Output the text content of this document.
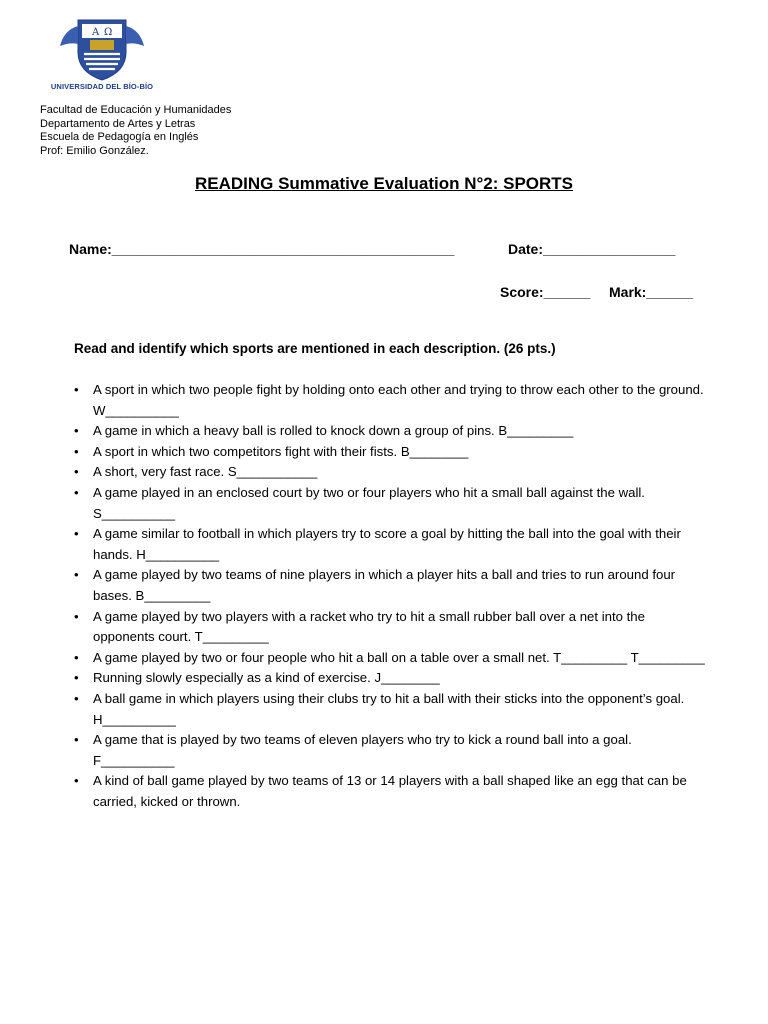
A Ω
UNIVERSIDAD DEL BÍO-BÍO
Facultad de Educación y Humanidades
Departamento de Artes y Letras
Escuela de Pedagogía en Inglés
Prof: Emilio González.
READING Summative Evaluation N°2: SPORTS
Name:____________________________________________	Date:_________________
Score:______ Mark:______
Read and identify which sports are mentioned in each description. (26 pts.)
• A sport in which two people fight by holding onto each other and trying to throw each other to the ground. W__________
• A game in which a heavy ball is rolled to knock down a group of pins. B_________
• A sport in which two competitors fight with their fists. B________
• A short, very fast race. S___________
• A game played in an enclosed court by two or four players who hit a small ball against the wall. S__________
• A game similar to football in which players try to score a goal by hitting the ball into the goal with their hands. H__________
• A game played by two teams of nine players in which a player hits a ball and tries to run around four bases. B_________
• A game played by two players with a racket who try to hit a small rubber ball over a net into the opponents court. T_________
• A game played by two or four people who hit a ball on a table over a small net. T_________ T_________
• Running slowly especially as a kind of exercise. J________
• A ball game in which players using their clubs try to hit a ball with their sticks into the opponent’s goal. H__________
• A game that is played by two teams of eleven players who try to kick a round ball into a goal. F__________
• A kind of ball game played by two teams of 13 or 14 players with a ball shaped like an egg that can be carried, kicked or thrown.
